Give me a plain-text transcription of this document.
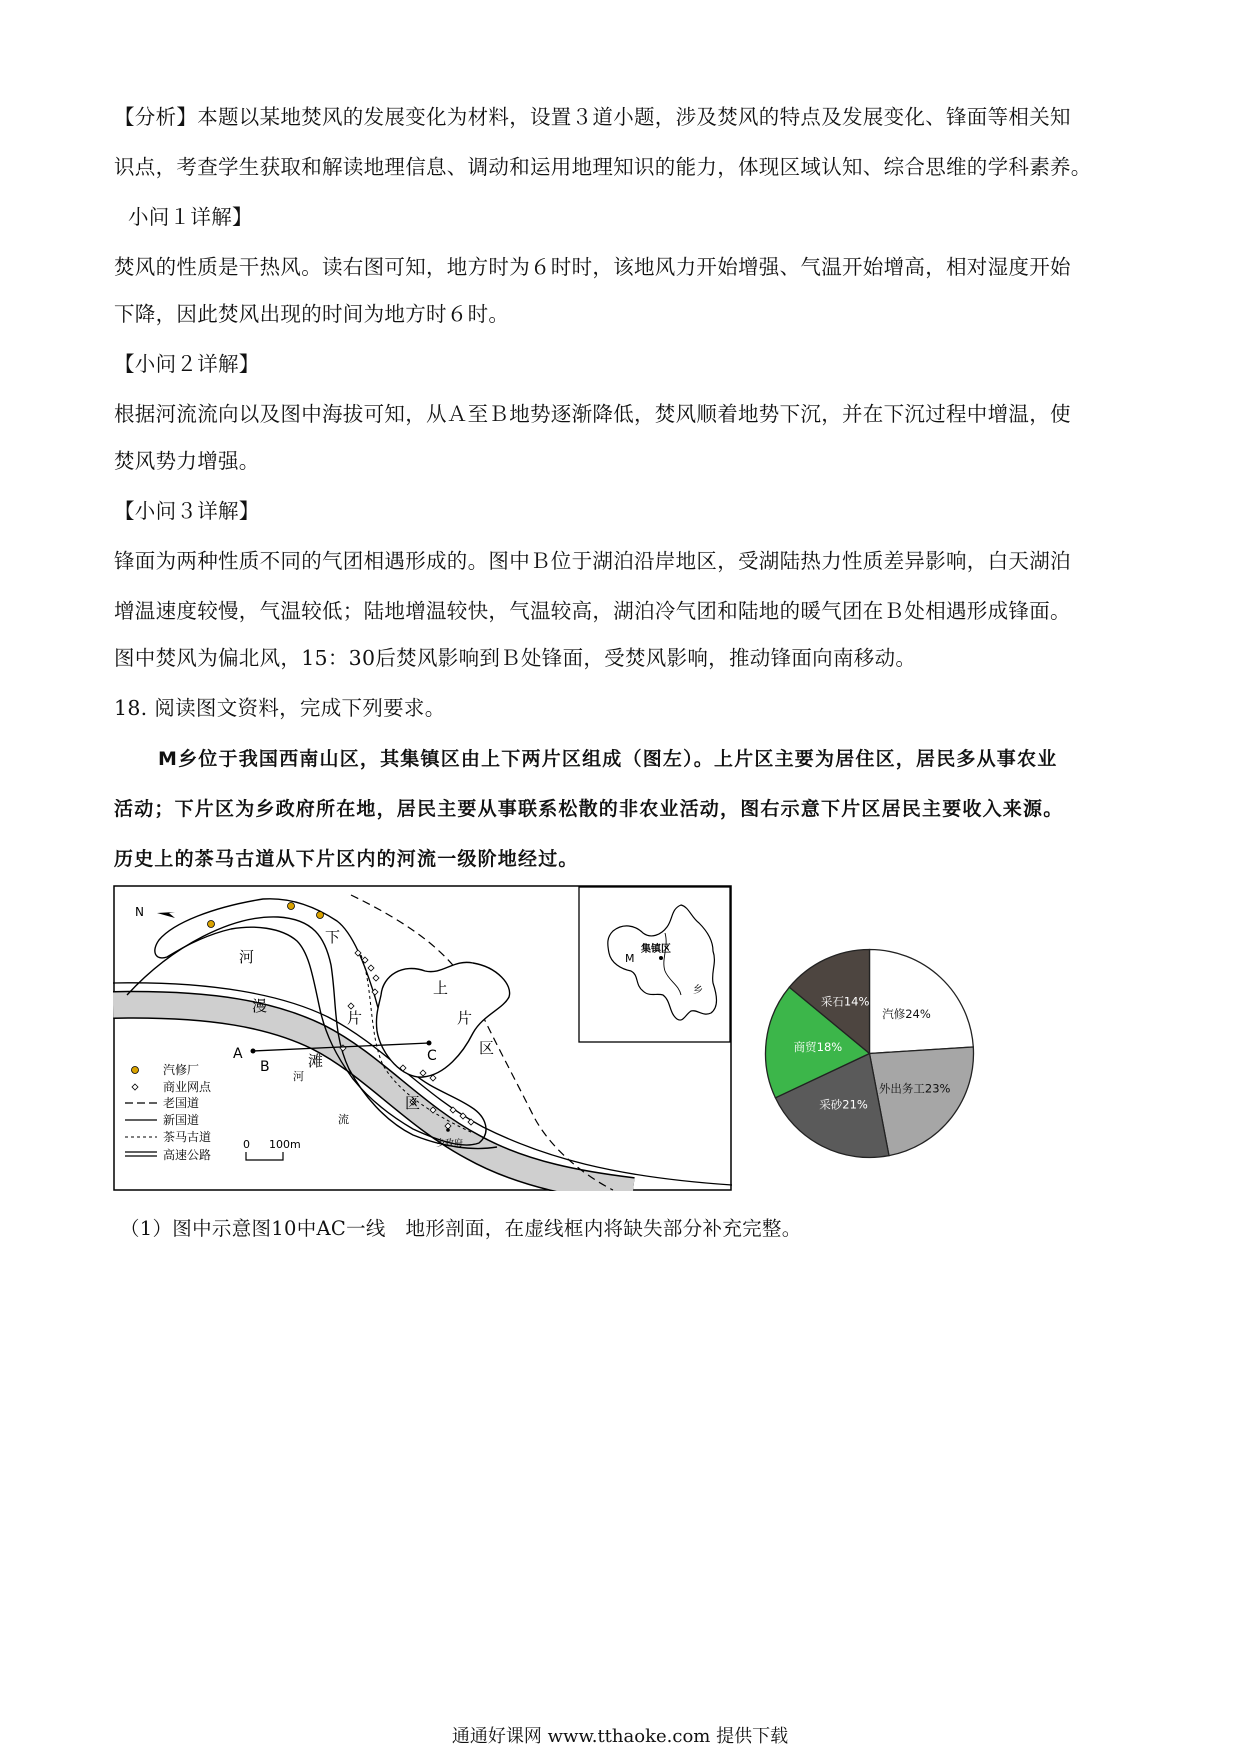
【分析】本题以某地焚风的发展变化为材料，设置３道小题，涉及焚风的特点及发展变化、锋面等相关知
识点，考查学生获取和解读地理信息、调动和运用地理知识的能力，体现区域认知、综合思维的学科素养。
小问１详解】
焚风的性质是干热风。读右图可知，地方时为６时时，该地风力开始增强、气温开始增高，相对湿度开始
下降，因此焚风出现的时间为地方时６时。
【小问２详解】
根据河流流向以及图中海拔可知，从Ａ至Ｂ地势逐渐降低，焚风顺着地势下沉，并在下沉过程中增温，使
焚风势力增强。
【小问３详解】
锋面为两种性质不同的气团相遇形成的。图中Ｂ位于湖泊沿岸地区，受湖陆热力性质差异影响，白天湖泊
增温速度较慢，气温较低；陆地增温较快，气温较高，湖泊冷气团和陆地的暖气团在Ｂ处相遇形成锋面。
图中焚风为偏北风，15：30后焚风影响到Ｂ处锋面，受焚风影响，推动锋面向南移动。
18. 阅读图文资料，完成下列要求。
M乡位于我国西南山区，其集镇区由上下两片区组成（图左）。上片区主要为居住区，居民多从事农业
活动；下片区为乡政府所在地，居民主要从事联系松散的非农业活动，图右示意下片区居民主要收入来源。
历史上的茶马古道从下片区内的河流一级阶地经过。
N
河
漫
滩
下
片
区
上
片
区
河
流
A
B
C
乡政府
汽修厂
商业网点
老国道
新国道
茶马古道
高速公路
0 100m
M
集镇区
乡
汽修24%
外出务工23%
采砂21%
商贸18%
采石14%
（1）图中示意图10中AC一线　地形剖面，在虚线框内将缺失部分补充完整。
通通好课网 www.tthaoke.com 提供下载
